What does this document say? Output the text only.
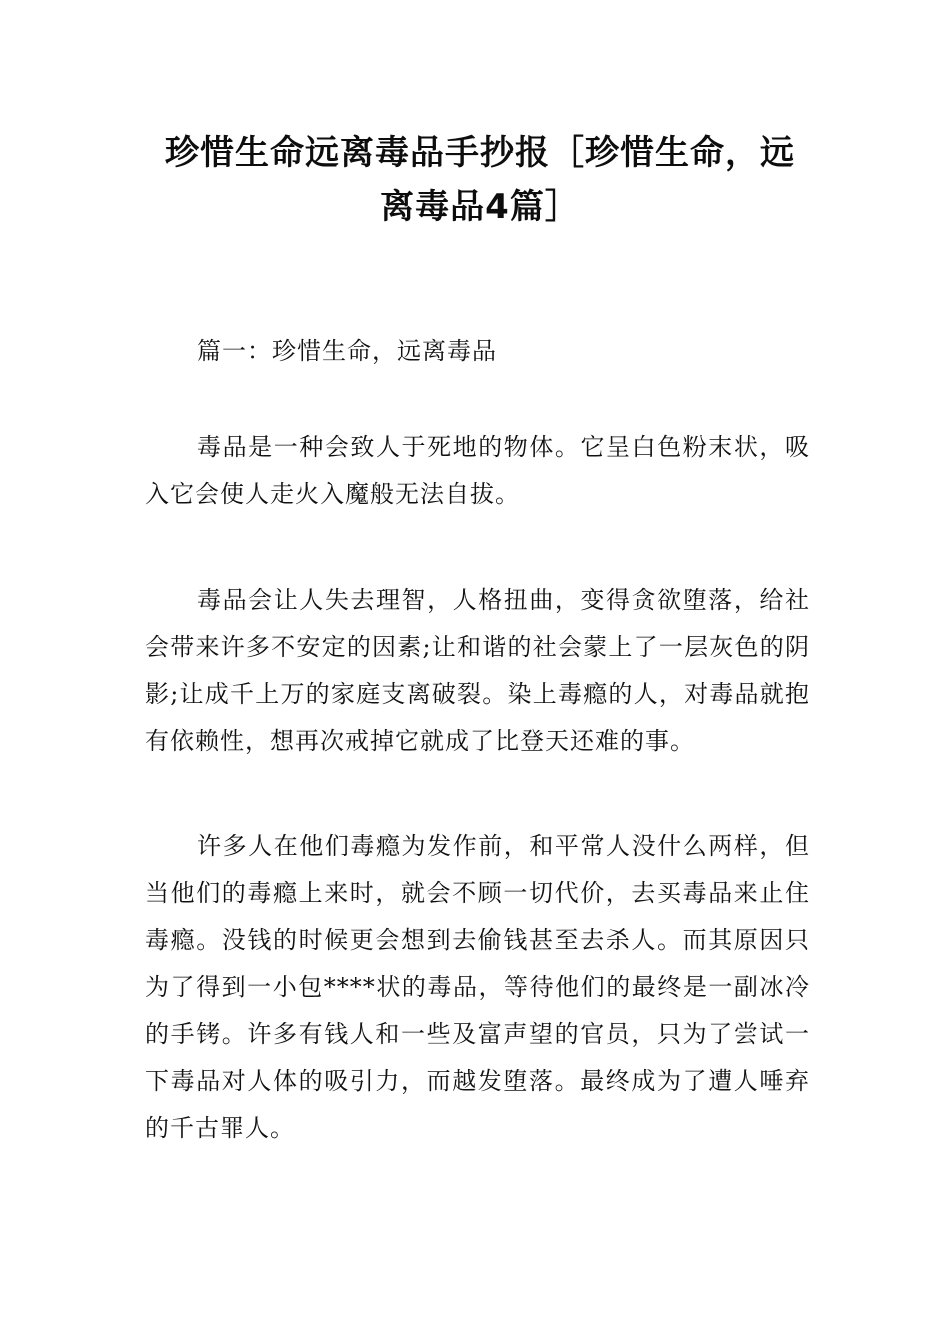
珍惜生命远离毒品手抄报［珍惜生命，远
离毒品4篇］

篇一：珍惜生命，远离毒品

毒品是一种会致人于死地的物体。它呈白色粉末状，吸入它会使人走火入魔般无法自拔。

毒品会让人失去理智，人格扭曲，变得贪欲堕落，给社会带来许多不安定的因素;让和谐的社会蒙上了一层灰色的阴影;让成千上万的家庭支离破裂。染上毒瘾的人，对毒品就抱有依赖性，想再次戒掉它就成了比登天还难的事。

许多人在他们毒瘾为发作前，和平常人没什么两样，但当他们的毒瘾上来时，就会不顾一切代价，去买毒品来止住毒瘾。没钱的时候更会想到去偷钱甚至去杀人。而其原因只为了得到一小包****状的毒品，等待他们的最终是一副冰冷的手铐。许多有钱人和一些及富声望的官员，只为了尝试一下毒品对人体的吸引力，而越发堕落。最终成为了遭人唾弃的千古罪人。
